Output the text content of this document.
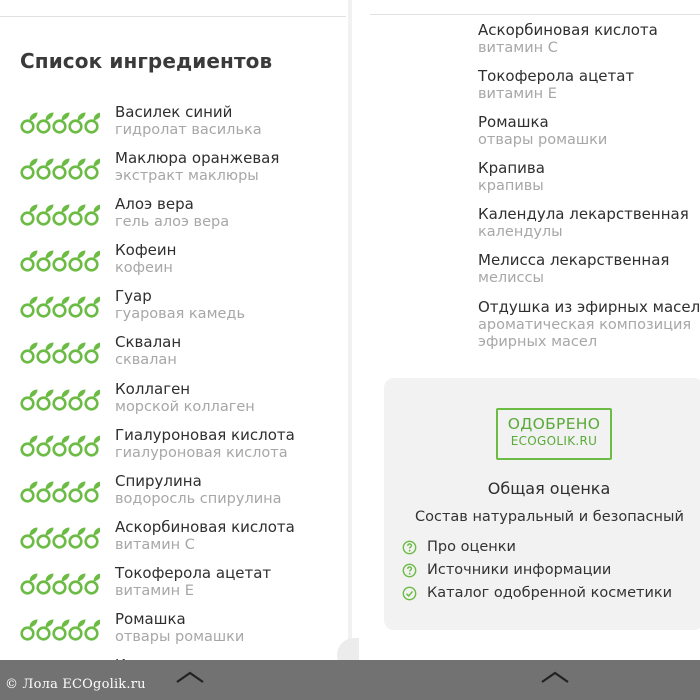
Список ингредиентов
Василек синий
гидролат василька
Маклюра оранжевая
экстракт маклюры
Алоэ вера
гель алоэ вера
Кофеин
кофеин
Гуар
гуаровая камедь
Сквалан
сквалан
Коллаген
морской коллаген
Гиалуроновая кислота
гиалуроновая кислота
Спирулина
водоросль спирулина
Аскорбиновая кислота
витамин С
Токоферола ацетат
витамин Е
Ромашка
отвары ромашки
Аскорбиновая кислота
витамин С
Токоферола ацетат
витамин Е
Ромашка
отвары ромашки
Крапива
крапивы
Календула лекарственная
календулы
Мелисса лекарственная
мелиссы
Отдушка из эфирных масел
ароматическая композиция
эфирных масел
ОДОБРЕНО
ECOGOLIK.RU
Общая оценка
Состав натуральный и безопасный
Про оценки
Источники информации
Каталог одобренной косметики
© Лола ECOgolik.ru
